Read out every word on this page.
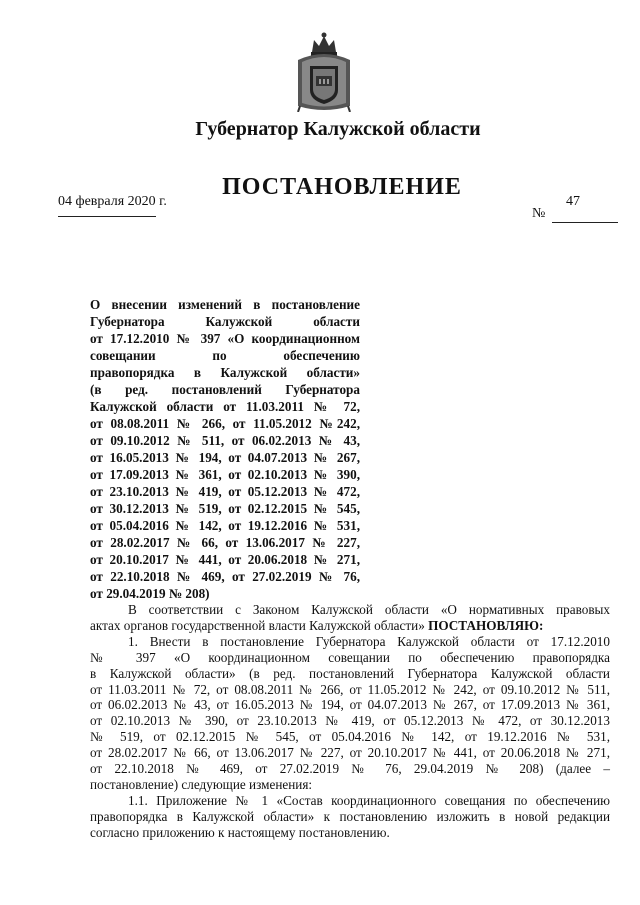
Губернатор Калужской области
04 февраля 2020 г.
ПОСТАНОВЛЕНИЕ
47
№
О внесении изменений в постановление
Губернатора Калужской области
от 17.12.2010 № 397 «О координационном
совещании по обеспечению
правопорядка в Калужской области»
(в ред. постановлений Губернатора
Калужской области от 11.03.2011 № 72,
от 08.08.2011 № 266, от 11.05.2012 №242,
от 09.10.2012 № 511, от 06.02.2013 № 43,
от 16.05.2013 № 194, от 04.07.2013 № 267,
от 17.09.2013 № 361, от 02.10.2013 № 390,
от 23.10.2013 № 419, от 05.12.2013 № 472,
от 30.12.2013 № 519, от 02.12.2015 № 545,
от 05.04.2016 № 142, от 19.12.2016 № 531,
от 28.02.2017 № 66, от 13.06.2017 № 227,
от 20.10.2017 № 441, от 20.06.2018 № 271,
от 22.10.2018 № 469, от 27.02.2019 № 76,
от 29.04.2019 № 208)
В соответствии с Законом Калужской области «О нормативных правовых
актах органов государственной власти Калужской области» ПОСТАНОВЛЯЮ:
1. Внести в постановление Губернатора Калужской области от 17.12.2010
№ 397 «О координационном совещании по обеспечению правопорядка
в Калужской области» (в ред. постановлений Губернатора Калужской области
от 11.03.2011 № 72, от 08.08.2011 № 266, от 11.05.2012 № 242, от 09.10.2012 № 511,
от 06.02.2013 № 43, от 16.05.2013 № 194, от 04.07.2013 № 267, от 17.09.2013 № 361,
от 02.10.2013 № 390, от 23.10.2013 № 419, от 05.12.2013 № 472, от 30.12.2013
№ 519, от 02.12.2015 № 545, от 05.04.2016 № 142, от 19.12.2016 № 531,
от 28.02.2017 № 66, от 13.06.2017 № 227, от 20.10.2017 № 441, от 20.06.2018 № 271,
от 22.10.2018 № 469, от 27.02.2019 № 76, 29.04.2019 № 208) (далее –
постановление) следующие изменения:
1.1. Приложение № 1 «Состав координационного совещания по обеспечению
правопорядка в Калужской области» к постановлению изложить в новой редакции
согласно приложению к настоящему постановлению.
